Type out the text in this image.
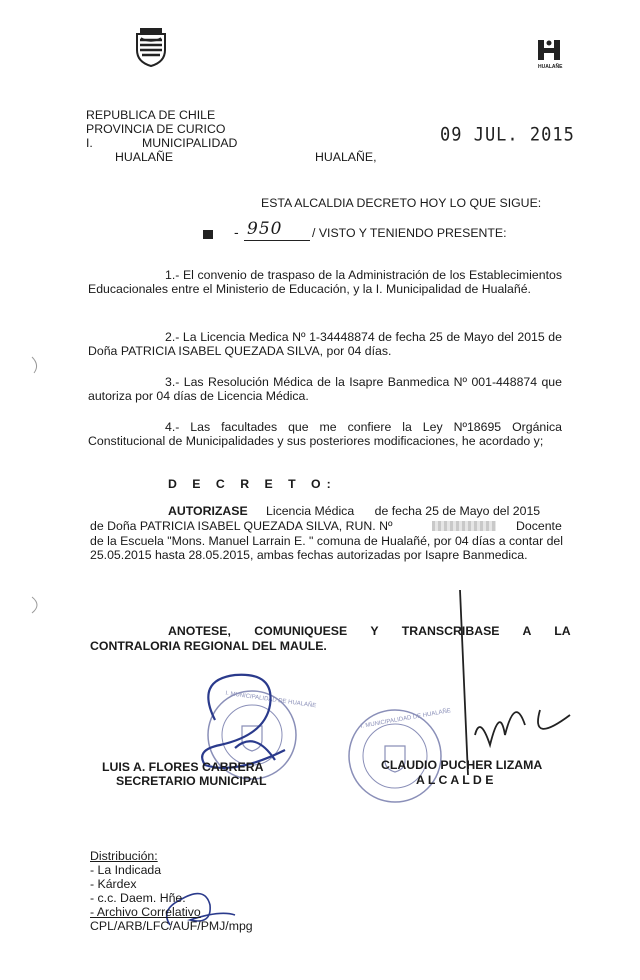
HUALAÑE
REPUBLICA DE CHILE
PROVINCIA DE CURICO
I.	MUNICIPALIDAD
HUALAÑE	HUALAÑE,
09 JUL. 2015
ESTA ALCALDIA DECRETO HOY LO QUE SIGUE:
- 950 / VISTO Y TENIENDO PRESENTE:
1.- El convenio de traspaso de la Administración de los Establecimientos Educacionales entre el Ministerio de Educación, y la I. Municipalidad de Hualañé.
2.- La Licencia Medica Nº 1-34448874 de fecha 25 de Mayo del 2015 de Doña PATRICIA ISABEL QUEZADA SILVA, por 04 días.
3.- Las Resolución Médica de la Isapre Banmedica Nº 001-448874 que autoriza por 04 días de Licencia Médica.
4.- Las facultades que me confiere la Ley Nº18695 Orgánica Constitucional de Municipalidades y sus posteriores modificaciones, he acordado y;
D E C R E T O:
AUTORIZASE Licencia Médica      de fecha 25 de Mayo del 2015
de Doña PATRICIA ISABEL QUEZADA SILVA, RUN. Nº	Docente
de la Escuela "Mons. Manuel Larrain E. " comuna de Hualañé, por 04 días a contar del 25.05.2015 hasta 28.05.2015, ambas fechas autorizadas por Isapre Banmedica.
ANOTESE, COMUNIQUESE Y TRANSCRIBASE A LA
CONTRALORIA REGIONAL DEL MAULE.
I. MUNICIPALIDAD DE HUALAÑE
I. MUNICIPALIDAD DE HUALAÑE
LUIS A. FLORES CABRERA
SECRETARIO MUNICIPAL
CLAUDIO PUCHER LIZAMA
A L C A L D E
Distribución:
- La Indicada
- Kárdex
- c.c. Daem. Hñe.
- Archivo Correlativo
CPL/ARB/LFC/AUF/PMJ/mpg
